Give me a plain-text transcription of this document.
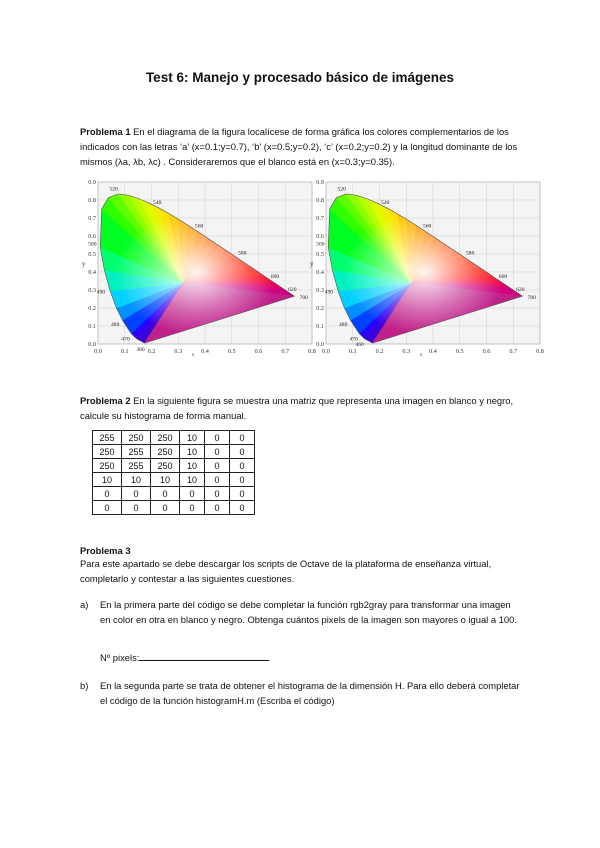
Test 6: Manejo y procesado básico de imágenes
Problema 1 En el diagrama de la figura localícese de forma gráfica los colores complementarios de los indicados con las letras ‘a’ (x=0.1;y=0.7), ‘b’ (x=0.5;y=0.2), ‘c’ (x=0.2;y=0.2) y la longitud dominante de los mismos (λa, λb, λc) . Consideraremos que el blanco está en (x=0.3;y=0.35).
0.0	0.1	0.2	0.3	0.4	0.5	0.6	0.7	0.8
0.0
0.1
0.2
0.3
0.4
0.5
0.6
0.7
0.8
0.9
x
y
380
470
480
490
500
520
540
560
580
600
620
700
0.0	0.1	0.2	0.3	0.4	0.5	0.6	0.7	0.8
0.0
0.1
0.2
0.3
0.4
0.5
0.6
0.7
0.8
0.9
x
y
460
470
480
490
500
520
540
560
580
600
620
700
Problema 2 En la siguiente figura se muestra una matriz que representa una imagen en blanco y negro, calcule su histograma de forma manual.
255	250	250	10	0	0
250	255	250	10	0	0
250	255	250	10	0	0
10	10	10	10	0	0
0	0	0	0	0	0
0	0	0	0	0	0
Problema 3
Para este apartado se debe descargar los scripts de Octave de la plataforma de enseñanza virtual, completarlo y contestar a las siguientes cuestiones.
a) En la primera parte del código se debe completar la función rgb2gray para transformar una imagen en color en otra en blanco y negro. Obtenga cuántos pixels de la imagen son mayores o igual a 100.
Nº pixels:
b) En la segunda parte se trata de obtener el histograma de la dimensión H. Para ello deberá completar el código de la función histogramH.m (Escriba el código)
